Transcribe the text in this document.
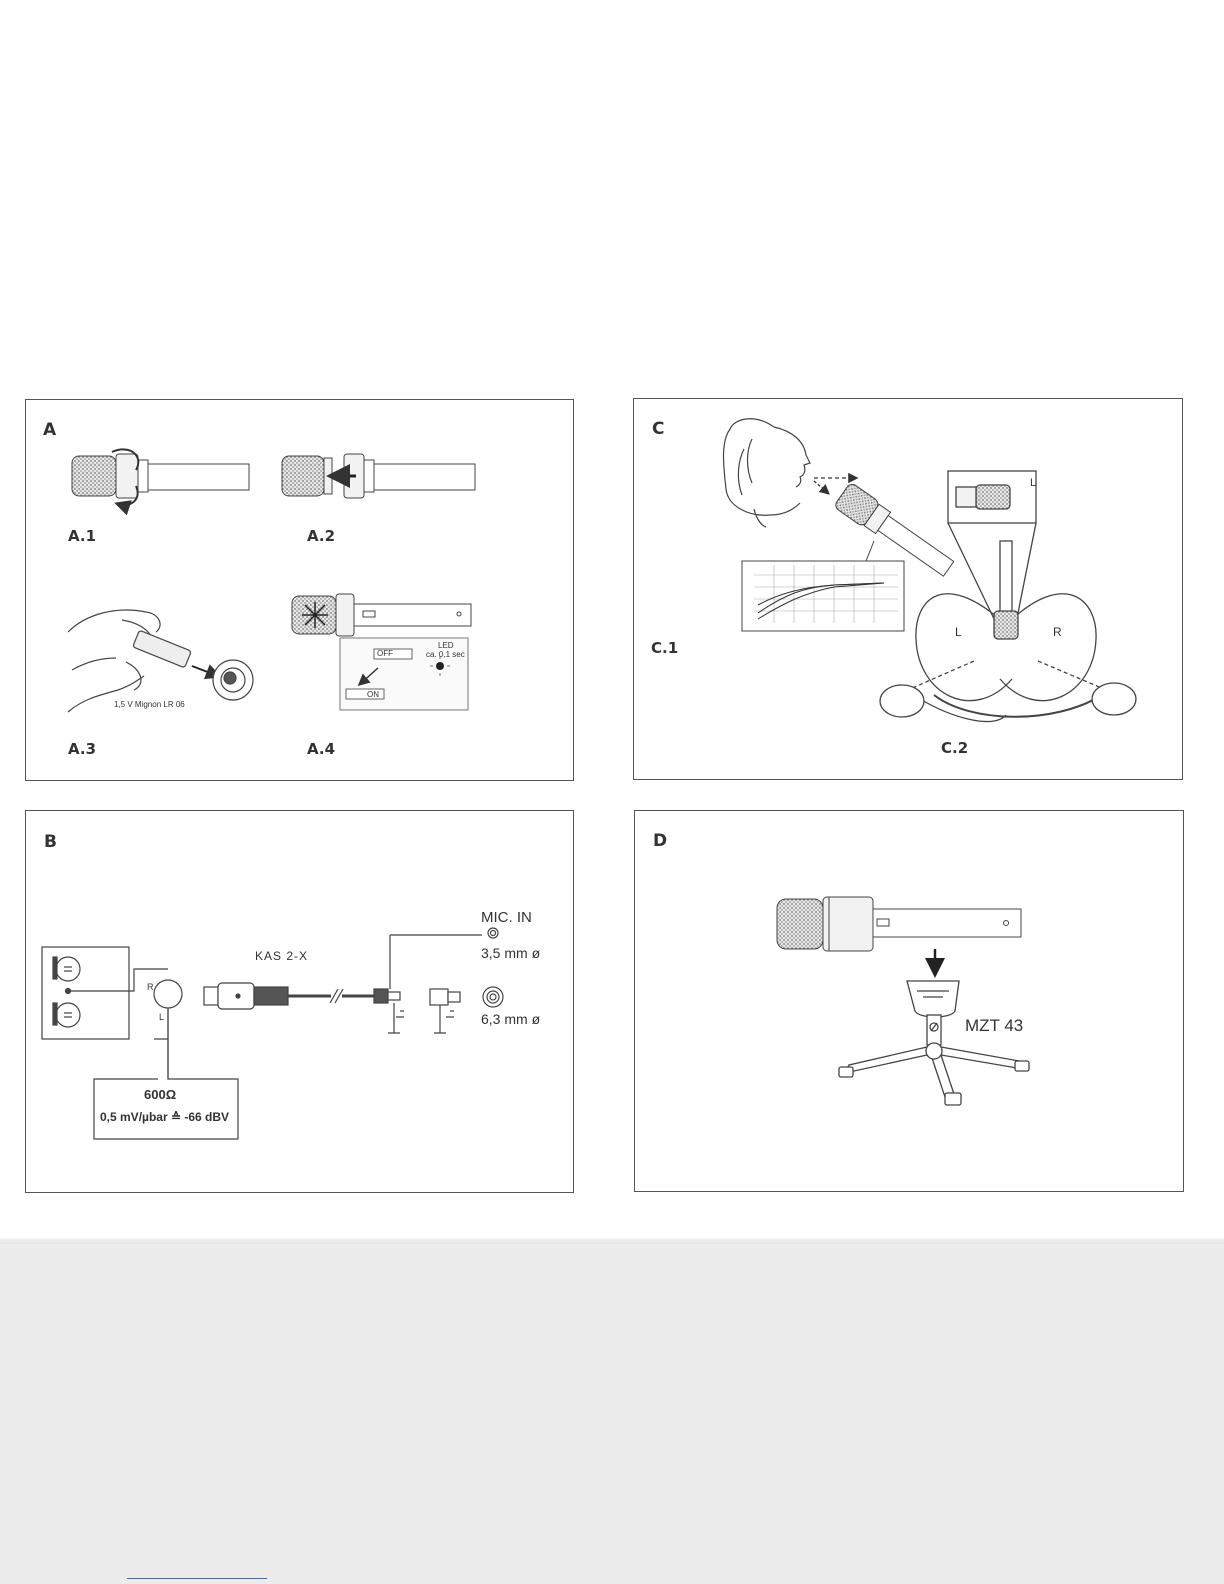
A
A.1	A.2
A.3	A.4
1,5 V Mignon LR 06
OFF
ON
LED
ca. 0,1 sec
C
C.1
C.2
L	R
L
B
KAS 2-X
MIC. IN
3,5 mm ø
6,3 mm ø
R
L
600Ω
0,5 mV/µbar ≙ -66 dBV
D
MZT 43
